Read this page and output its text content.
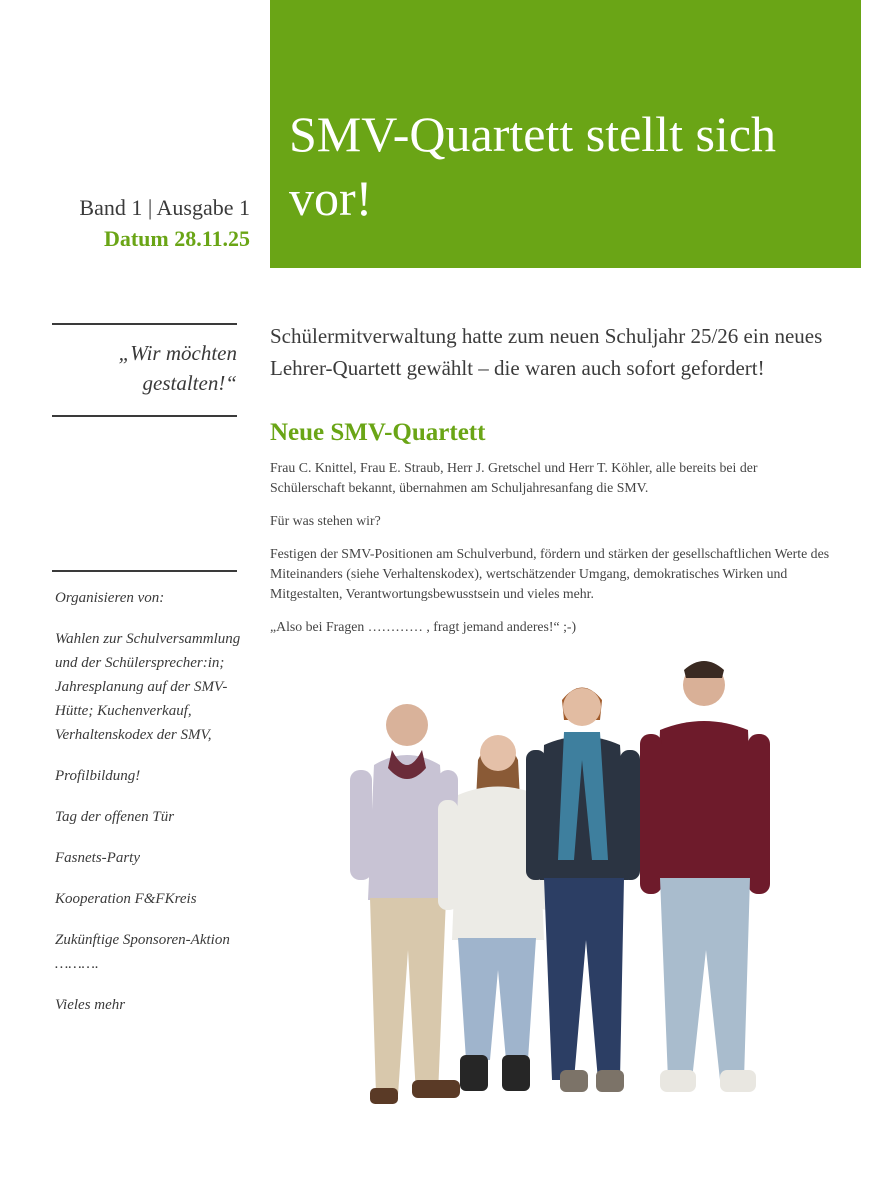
SMV-Quartett stellt sich vor!
Band 1 | Ausgabe 1
Datum 28.11.25
„Wir möchten
gestalten!“

Organisieren von:

Wahlen zur Schulversammlung und der Schülersprecher:in; Jahresplanung auf der SMV-Hütte; Kuchenverkauf, Verhaltenskodex der SMV,

Profilbildung!

Tag der offenen Tür

Fasnets-Party

Kooperation F&FKreis

Zukünftige Sponsoren-Aktion ……….

Vieles mehr

Schülermitverwaltung hatte zum neuen Schuljahr 25/26 ein neues Lehrer-Quartett gewählt – die waren auch sofort gefordert!
Neue SMV-Quartett

Frau C. Knittel, Frau E. Straub, Herr J. Gretschel und Herr T. Köhler, alle bereits bei der Schülerschaft bekannt, übernahmen am Schuljahresanfang die SMV.

Für was stehen wir?

Festigen der SMV-Positionen am Schulverbund, fördern und stärken der gesellschaftlichen Werte des Miteinanders (siehe Verhaltenskodex), wertschätzender Umgang, demokratisches Wirken und Mitgestalten, Verantwortungsbewusstsein und vieles mehr.

„Also bei Fragen ………… , fragt jemand anderes!“ ;-)
